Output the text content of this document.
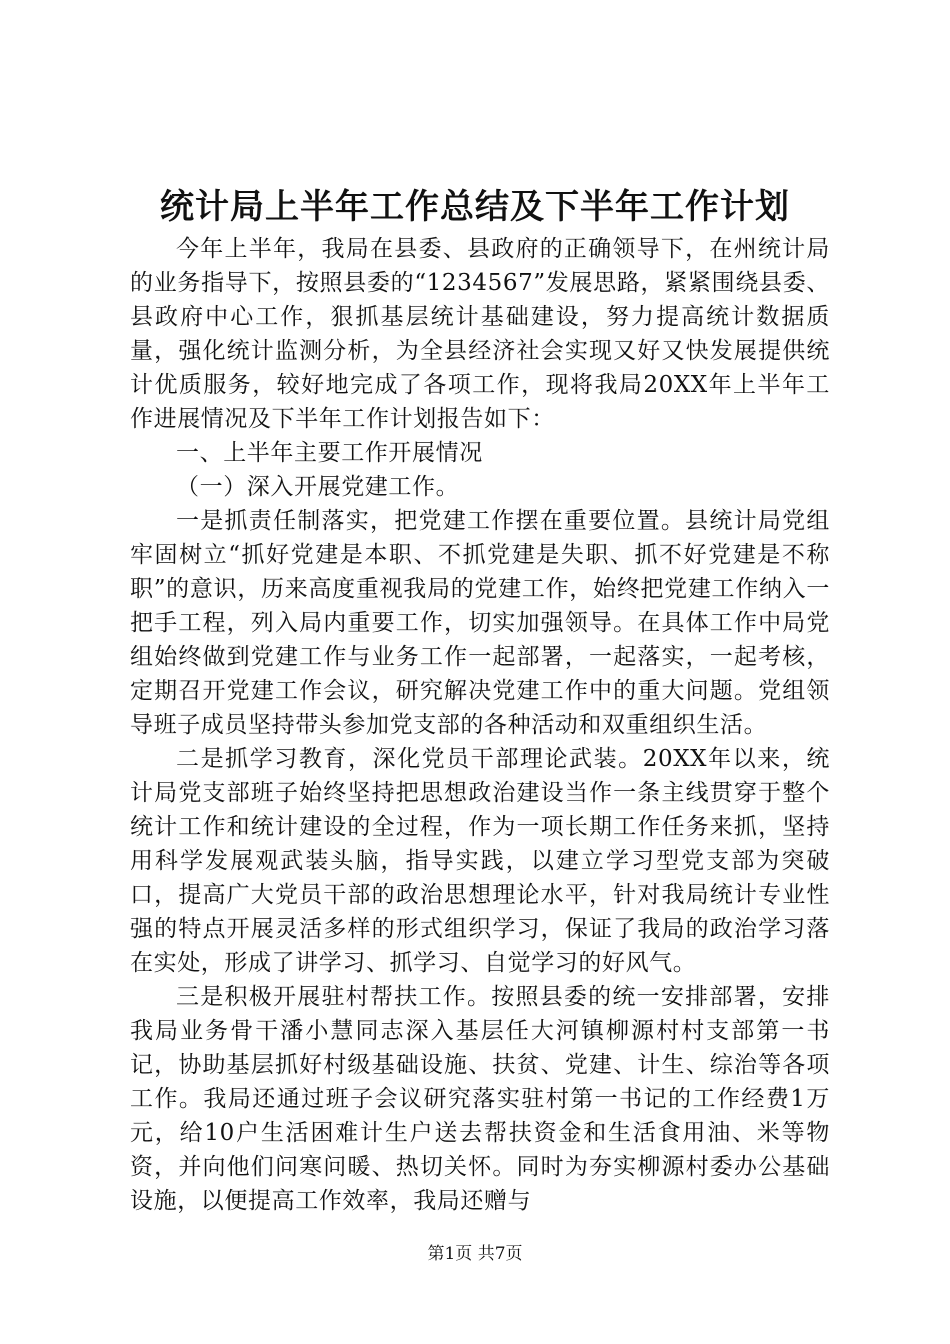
统计局上半年工作总结及下半年工作计划

今年上半年，我局在县委、县政府的正确领导下，在州统计局的业务指导下，按照县委的“1234567”发展思路，紧紧围绕县委、县政府中心工作，狠抓基层统计基础建设，努力提高统计数据质量，强化统计监测分析，为全县经济社会实现又好又快发展提供统计优质服务，较好地完成了各项工作，现将我局20XX年上半年工作进展情况及下半年工作计划报告如下：

一、上半年主要工作开展情况

（一）深入开展党建工作。

一是抓责任制落实，把党建工作摆在重要位置。县统计局党组牢固树立“抓好党建是本职、不抓党建是失职、抓不好党建是不称职”的意识，历来高度重视我局的党建工作，始终把党建工作纳入一把手工程，列入局内重要工作，切实加强领导。在具体工作中局党组始终做到党建工作与业务工作一起部署，一起落实，一起考核，定期召开党建工作会议，研究解决党建工作中的重大问题。党组领导班子成员坚持带头参加党支部的各种活动和双重组织生活。

二是抓学习教育，深化党员干部理论武装。20XX年以来，统计局党支部班子始终坚持把思想政治建设当作一条主线贯穿于整个统计工作和统计建设的全过程，作为一项长期工作任务来抓，坚持用科学发展观武装头脑，指导实践，以建立学习型党支部为突破口，提高广大党员干部的政治思想理论水平，针对我局统计专业性强的特点开展灵活多样的形式组织学习，保证了我局的政治学习落在实处，形成了讲学习、抓学习、自觉学习的好风气。

三是积极开展驻村帮扶工作。按照县委的统一安排部署，安排我局业务骨干潘小慧同志深入基层任大河镇柳源村村支部第一书记，协助基层抓好村级基础设施、扶贫、党建、计生、综治等各项工作。我局还通过班子会议研究落实驻村第一书记的工作经费1万元，给10户生活困难计生户送去帮扶资金和生活食用油、米等物资，并向他们问寒问暖、热切关怀。同时为夯实柳源村委办公基础设施，以便提高工作效率，我局还赠与

第1页 共7页
